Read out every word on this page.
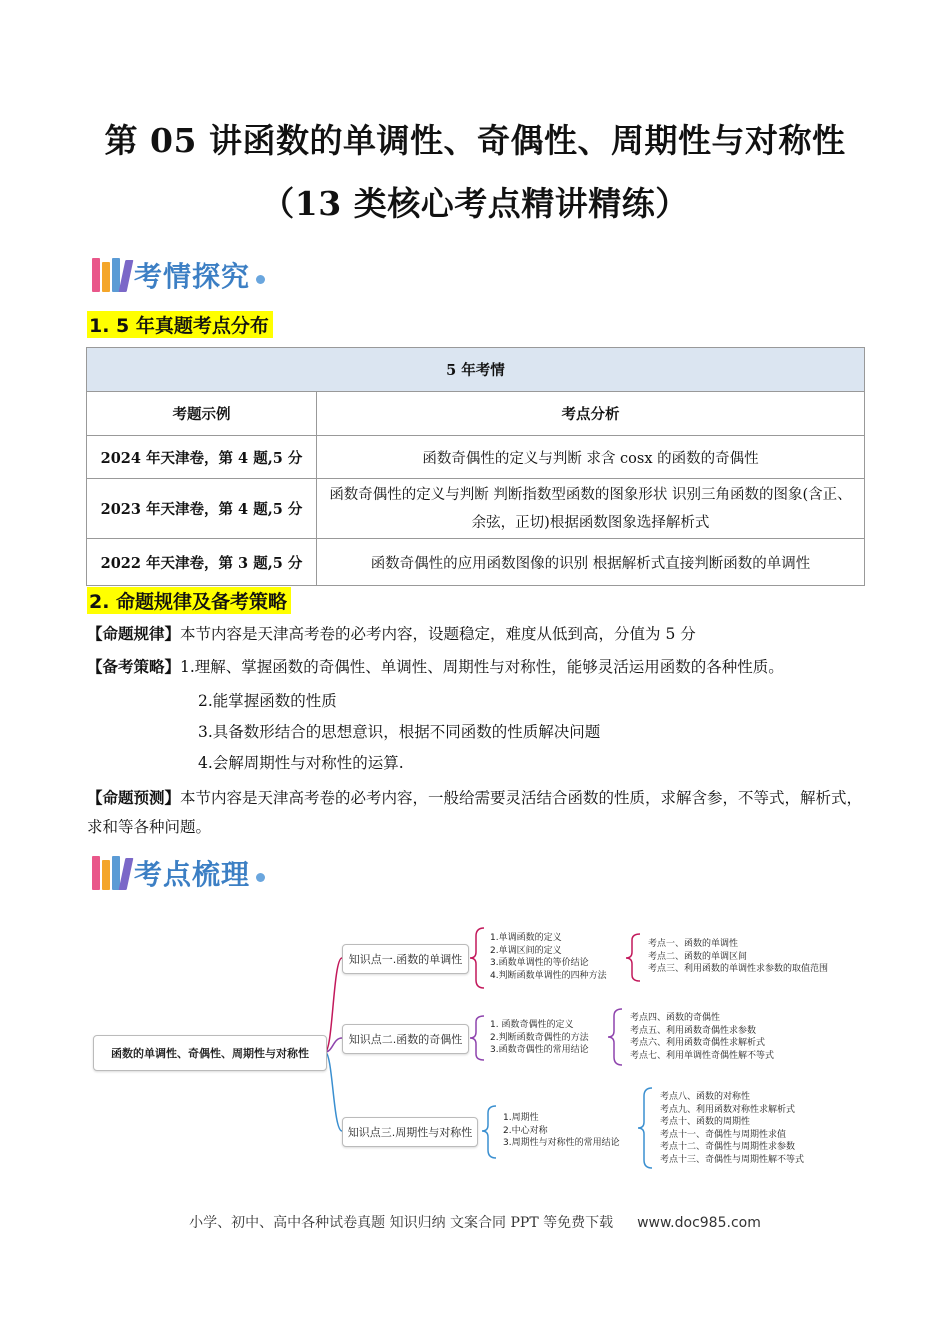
第 05 讲函数的单调性、奇偶性、周期性与对称性
（13 类核心考点精讲精练）
考情探究
1. 5 年真题考点分布
5 年考情	
考题示例	考点分析
2024 年天津卷，第 4 题,5 分	函数奇偶性的定义与判断 求含 cosx 的函数的奇偶性
2023 年天津卷，第 4 题,5 分	函数奇偶性的定义与判断 判断指数型函数的图象形状 识别三角函数的图象(含正、余弦，正切)根据函数图象选择解析式
2022 年天津卷，第 3 题,5 分	函数奇偶性的应用函数图像的识别 根据解析式直接判断函数的单调性
2. 命题规律及备考策略
【命题规律】本节内容是天津高考卷的必考内容，设题稳定，难度从低到高，分值为 5 分
【备考策略】1.理解、掌握函数的奇偶性、单调性、周期性与对称性，能够灵活运用函数的各种性质。
2.能掌握函数的性质
3.具备数形结合的思想意识，根据不同函数的性质解决问题
4.会解周期性与对称性的运算.
【命题预测】本节内容是天津高考卷的必考内容，一般给需要灵活结合函数的性质，求解含参，不等式，解析式，求和等各种问题。
考点梳理
函数的单调性、奇偶性、周期性与对称性
知识点一.函数的单调性
知识点二.函数的奇偶性
知识点三.周期性与对称性
1.单调函数的定义
2.单调区间的定义
3.函数单调性的等价结论
4.判断函数单调性的四种方法
考点一、函数的单调性
考点二、函数的单调区间
考点三、利用函数的单调性求参数的取值范围
1. 函数奇偶性的定义
2.判断函数奇偶性的方法
3.函数奇偶性的常用结论
考点四、函数的奇偶性
考点五、利用函数奇偶性求参数
考点六、利用函数奇偶性求解析式
考点七、利用单调性奇偶性解不等式
1.周期性
2.中心对称
3.周期性与对称性的常用结论
考点八、函数的对称性
考点九、利用函数对称性求解析式
考点十、函数的周期性
考点十一、奇偶性与周期性求值
考点十二、奇偶性与周期性求参数
考点十三、奇偶性与周期性解不等式
小学、初中、高中各种试卷真题 知识归纳 文案合同 PPT 等免费下载 www.doc985.com
